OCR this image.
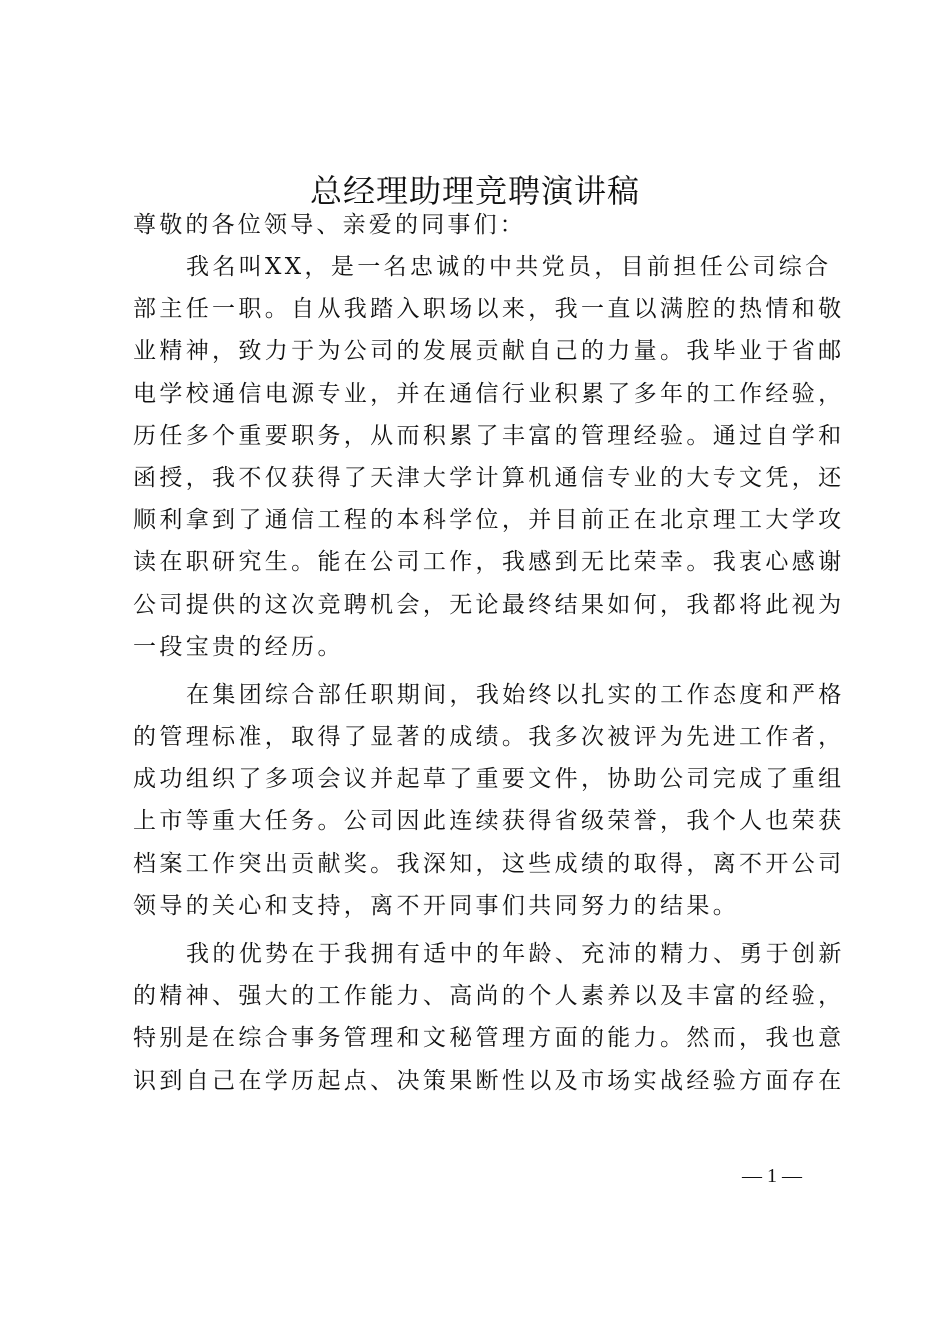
总经理助理竞聘演讲稿

尊敬的各位领导、亲爱的同事们：

我名叫XX，是一名忠诚的中共党员，目前担任公司综合
部主任一职。自从我踏入职场以来，我一直以满腔的热情和敬
业精神，致力于为公司的发展贡献自己的力量。我毕业于省邮
电学校通信电源专业，并在通信行业积累了多年的工作经验，
历任多个重要职务，从而积累了丰富的管理经验。通过自学和
函授，我不仅获得了天津大学计算机通信专业的大专文凭，还
顺利拿到了通信工程的本科学位，并目前正在北京理工大学攻
读在职研究生。能在公司工作，我感到无比荣幸。我衷心感谢
公司提供的这次竞聘机会，无论最终结果如何，我都将此视为
一段宝贵的经历。
在集团综合部任职期间，我始终以扎实的工作态度和严格
的管理标准，取得了显著的成绩。我多次被评为先进工作者，
成功组织了多项会议并起草了重要文件，协助公司完成了重组
上市等重大任务。公司因此连续获得省级荣誉，我个人也荣获
档案工作突出贡献奖。我深知，这些成绩的取得，离不开公司
领导的关心和支持，离不开同事们共同努力的结果。
我的优势在于我拥有适中的年龄、充沛的精力、勇于创新
的精神、强大的工作能力、高尚的个人素养以及丰富的经验，
特别是在综合事务管理和文秘管理方面的能力。然而，我也意
识到自己在学历起点、决策果断性以及市场实战经验方面存在
— 1 —
